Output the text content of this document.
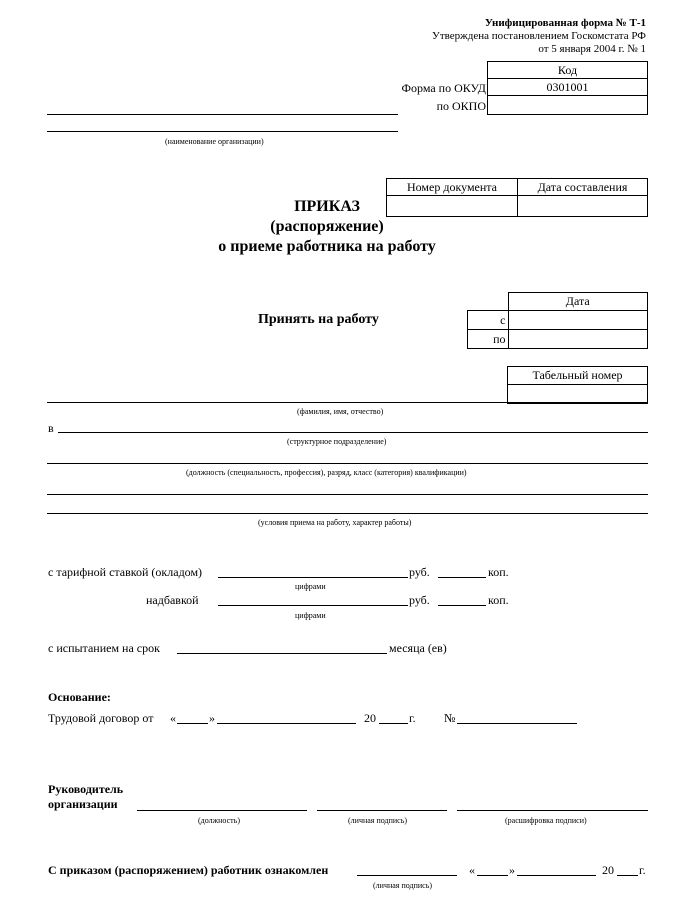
Унифицированная форма № Т-1
Утверждена постановлением Госкомстата РФ
от 5 января 2004 г. № 1
Код
0301001

Форма по ОКУД
по ОКПО
(наименование организации)
Номер документа	Дата составления

ПРИКАЗ
(распоряжение)
о приеме работника на работу
Принять на работу
	Дата
с	
по	
Табельный номер

(фамилия, имя, отчество)
в
(структурное подразделение)
(должность (специальность, профессия), разряд, класс (категория) квалификации)
(условия приема на работу, характер работы)
с тарифной ставкой (окладом)	руб.	коп.
цифрами
надбавкой	руб.	коп.
цифрами
с испытанием на срок	месяца (ев)
Основание:
Трудовой договор от «	»	20	г. №
Руководитель
организации
(должность)	(личная подпись)	(расшифровка подписи)
С приказом (распоряжением) работник ознакомлен
(личная подпись)
«	»	20 г.
